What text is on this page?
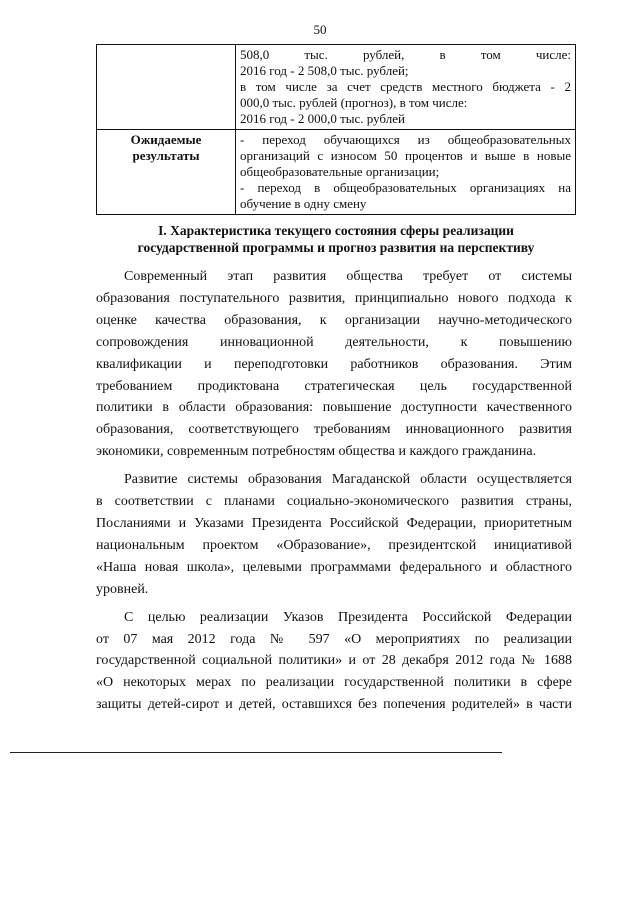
50

	508,0 тыс. рублей, в том числе:
2016 год - 2 508,0 тыс. рублей;
в том числе за счет средств местного бюджета - 2
000,0 тыс. рублей (прогноз), в том числе:
2016 год - 2 000,0 тыс. рублей

Ожидаемые
результаты	- переход обучающихся из общеобразовательных
организаций с износом 50 процентов и выше в новые
общеобразовательные организации;
- переход в общеобразовательных организациях на
обучение в одну смену
I. Характеристика текущего состояния сферы реализации
государственной программы и прогноз развития на перспективу

Современный этап развития общества требует от системы
образования поступательного развития, принципиально нового подхода к
оценке качества образования, к организации научно-методического
сопровождения инновационной деятельности, к повышению
квалификации и переподготовки работников образования. Этим
требованием продиктована стратегическая цель государственной
политики в области образования: повышение доступности качественного
образования, соответствующего требованиям инновационного развития
экономики, современным потребностям общества и каждого гражданина.

Развитие системы образования Магаданской области осуществляется
в соответствии с планами социально-экономического развития страны,
Посланиями и Указами Президента Российской Федерации, приоритетным
национальным проектом «Образование», президентской инициативой
«Наша новая школа», целевыми программами федерального и областного
уровней.

С целью реализации Указов Президента Российской Федерации
от 07 мая 2012 года № 597 «О мероприятиях по реализации
государственной социальной политики» и от 28 декабря 2012 года № 1688
«О некоторых мерах по реализации государственной политики в сфере
защиты детей-сирот и детей, оставшихся без попечения родителей» в части
